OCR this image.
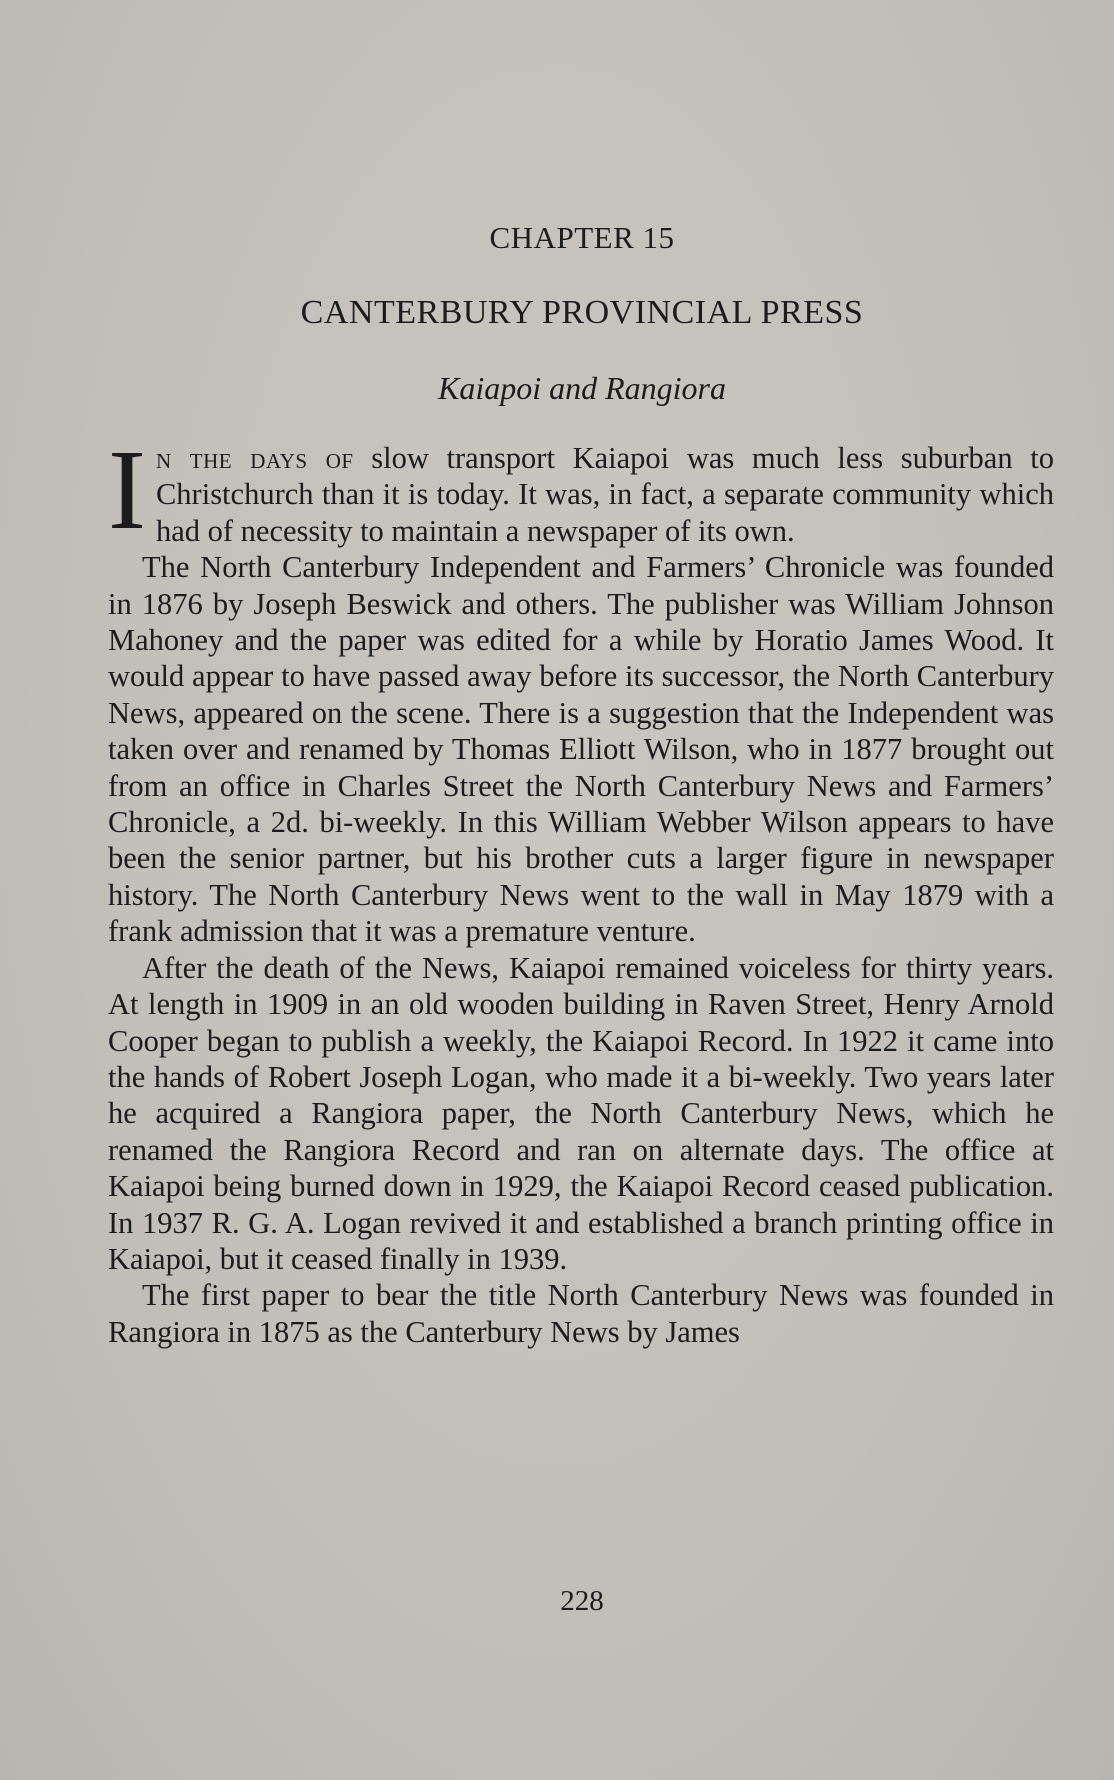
CHAPTER 15
CANTERBURY PROVINCIAL PRESS
Kaiapoi and Rangiora

In the days of slow transport Kaiapoi was much less suburban to Christchurch than it is today. It was, in fact, a separate community which had of necessity to maintain a newspaper of its own.

The North Canterbury Independent and Farmers’ Chronicle was founded in 1876 by Joseph Beswick and others. The publisher was William Johnson Mahoney and the paper was edited for a while by Horatio James Wood. It would appear to have passed away before its successor, the North Canterbury News, appeared on the scene. There is a suggestion that the Independent was taken over and renamed by Thomas Elliott Wilson, who in 1877 brought out from an office in Charles Street the North Canterbury News and Farmers’ Chronicle, a 2d. bi-weekly. In this William Webber Wilson appears to have been the senior partner, but his brother cuts a larger figure in newspaper history. The North Canterbury News went to the wall in May 1879 with a frank admission that it was a premature venture.

After the death of the News, Kaiapoi remained voiceless for thirty years. At length in 1909 in an old wooden building in Raven Street, Henry Arnold Cooper began to publish a weekly, the Kaiapoi Record. In 1922 it came into the hands of Robert Joseph Logan, who made it a bi-weekly. Two years later he acquired a Rangiora paper, the North Canterbury News, which he renamed the Rangiora Record and ran on alternate days. The office at Kaiapoi being burned down in 1929, the Kaiapoi Record ceased publication. In 1937 R. G. A. Logan revived it and established a branch printing office in Kaiapoi, but it ceased finally in 1939.

The first paper to bear the title North Canterbury News was founded in Rangiora in 1875 as the Canterbury News by James

228
